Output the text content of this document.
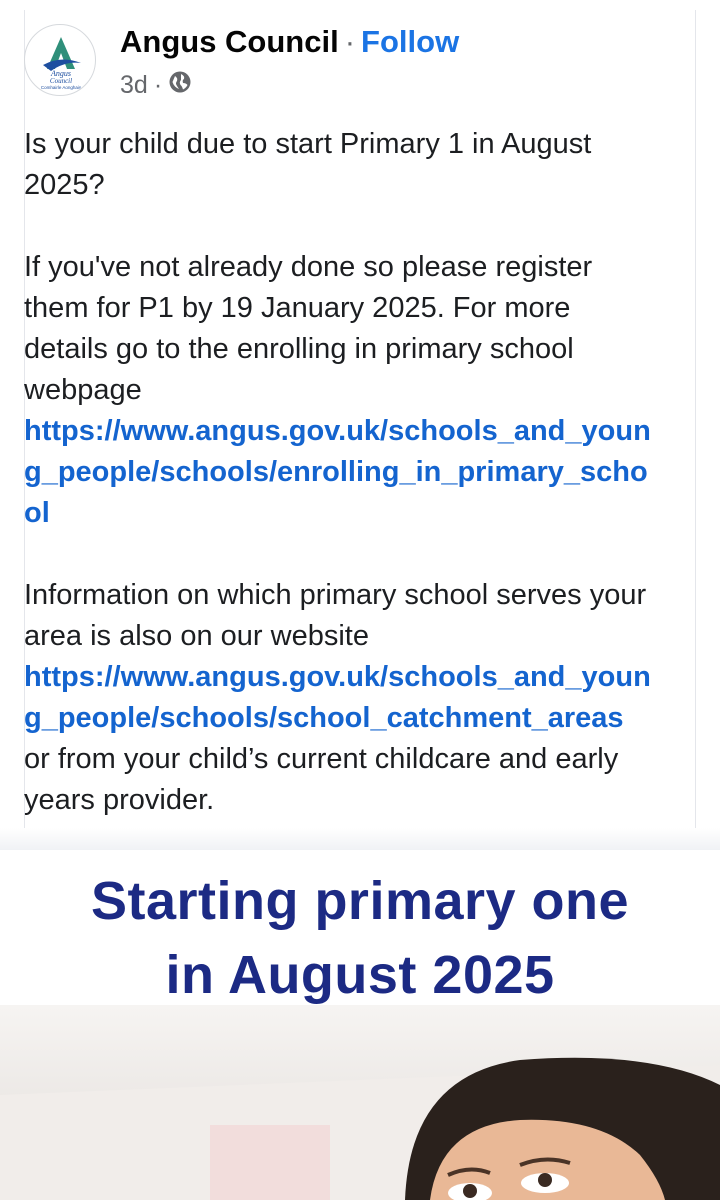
Angus
Council
Comhairle Aonghais
Angus Council · Follow
3d ·

Is your child due to start Primary 1 in August 2025?

If you've not already done so please register them for P1 by 19 January 2025. For more details go to the enrolling in primary school webpage
https://www.angus.gov.uk/schools_and_young_people/schools/enrolling_in_primary_school

Information on which primary school serves your area is also on our website
https://www.angus.gov.uk/schools_and_young_people/schools/school_catchment_areas or from your child’s current childcare and early years provider.

Starting primary one
in August 2025
